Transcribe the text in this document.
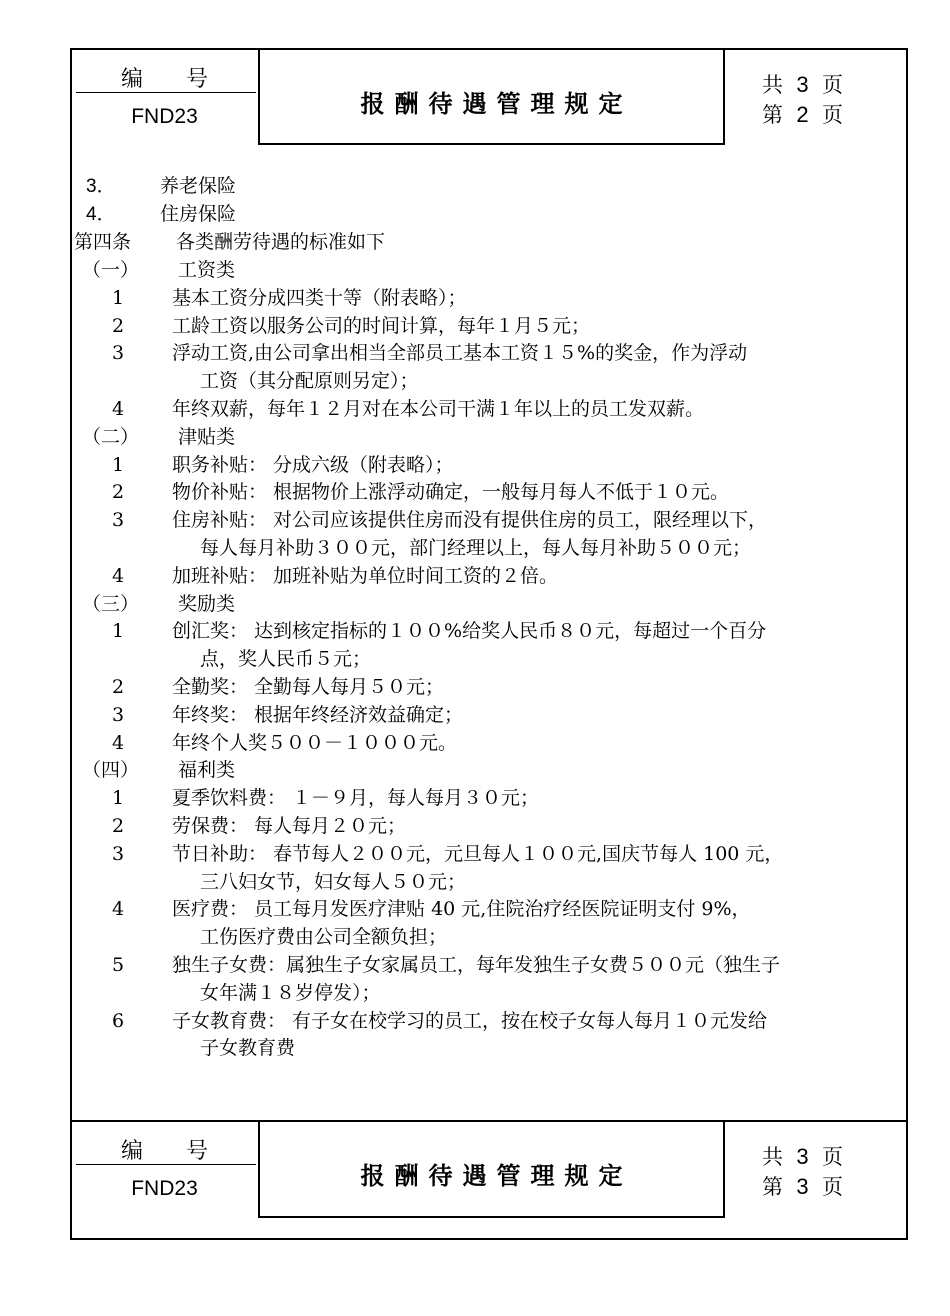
编 号
FND23	报酬待遇管理规定
共 3 页
第 2 页
3． 养老保险
4． 住房保险
第四条 各类酬劳待遇的标准如下
（一） 工资类
1	基本工资分成四类十等（附表略）；
2	工龄工资以服务公司的时间计算，每年１月５元；
3	浮动工资,由公司拿出相当全部员工基本工资１５%的奖金，作为浮动
工资（其分配原则另定）；
4	年终双薪，每年１２月对在本公司干满１年以上的员工发双薪。
（二） 津贴类
1	职务补贴： 分成六级（附表略）；
2	物价补贴： 根据物价上涨浮动确定，一般每月每人不低于１０元。
3	住房补贴： 对公司应该提供住房而没有提供住房的员工，限经理以下，
每人每月补助３００元，部门经理以上，每人每月补助５００元；
4	加班补贴： 加班补贴为单位时间工资的２倍。
（三） 奖励类
1	创汇奖： 达到核定指标的１００%给奖人民币８０元，每超过一个百分
点，奖人民币５元；
2	全勤奖： 全勤每人每月５０元；
3	年终奖： 根据年终经济效益确定；
4	年终个人奖５００－１０００元。
（四） 福利类
1	夏季饮料费： １－９月，每人每月３０元；
2	劳保费： 每人每月２０元；
3	节日补助： 春节每人２００元，元旦每人１００元,国庆节每人 100 元，
三八妇女节，妇女每人５０元；
4	医疗费： 员工每月发医疗津贴 40 元,住院治疗经医院证明支付 9%，
工伤医疗费由公司全额负担；
5	独生子女费：属独生子女家属员工，每年发独生子女费５００元（独生子
女年满１８岁停发）；
6	子女教育费： 有子女在校学习的员工，按在校子女每人每月１０元发给
子女教育费
编 号
FND23	报酬待遇管理规定
共 3 页
第 3 页
